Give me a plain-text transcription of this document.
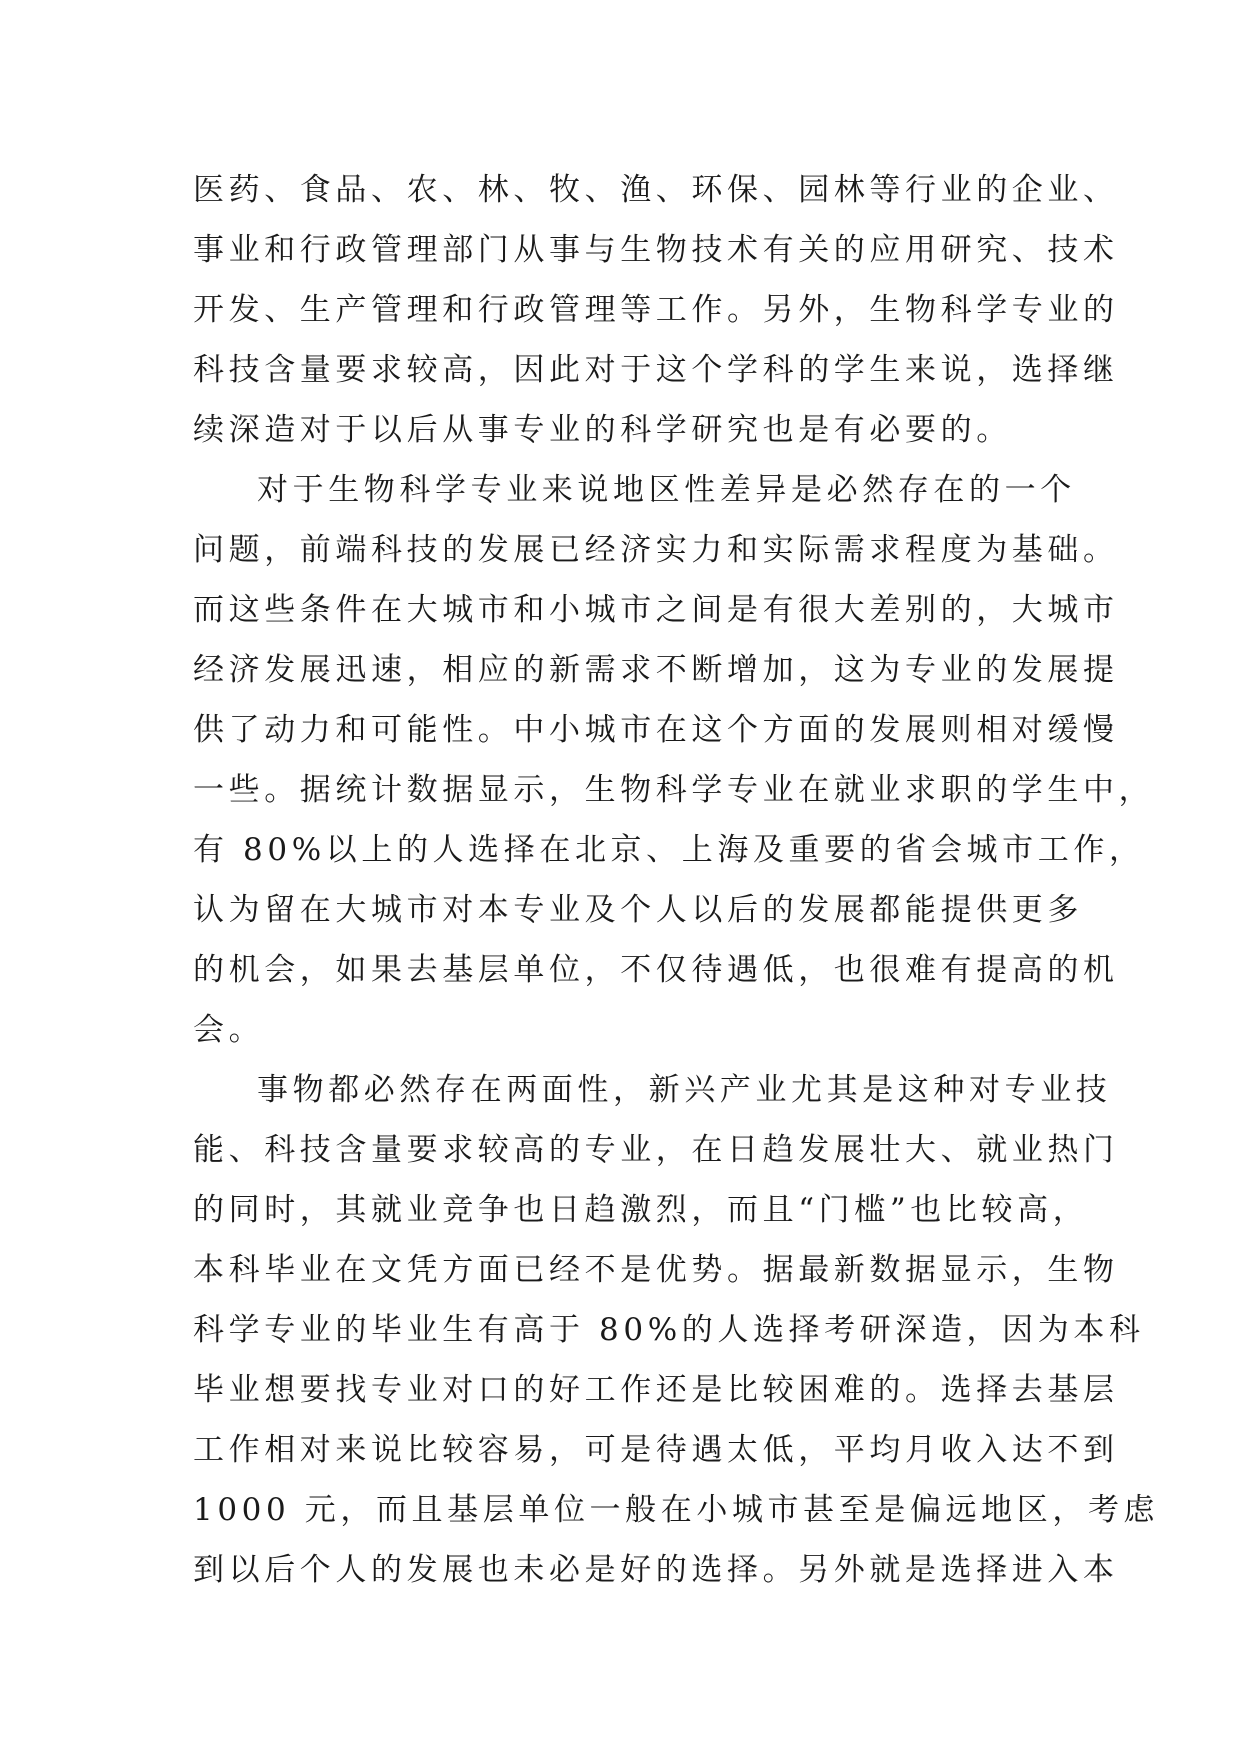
医药、食品、农、林、牧、渔、环保、园林等行业的企业、
事业和行政管理部门从事与生物技术有关的应用研究、技术
开发、生产管理和行政管理等工作。另外，生物科学专业的
科技含量要求较高，因此对于这个学科的学生来说，选择继
续深造对于以后从事专业的科学研究也是有必要的。

对于生物科学专业来说地区性差异是必然存在的一个
问题，前端科技的发展已经济实力和实际需求程度为基础。
而这些条件在大城市和小城市之间是有很大差别的，大城市
经济发展迅速，相应的新需求不断增加，这为专业的发展提
供了动力和可能性。中小城市在这个方面的发展则相对缓慢
一些。据统计数据显示，生物科学专业在就业求职的学生中，
有 80%以上的人选择在北京、上海及重要的省会城市工作，
认为留在大城市对本专业及个人以后的发展都能提供更多
的机会，如果去基层单位，不仅待遇低，也很难有提高的机
会。

事物都必然存在两面性，新兴产业尤其是这种对专业技
能、科技含量要求较高的专业，在日趋发展壮大、就业热门
的同时，其就业竞争也日趋激烈，而且“门槛”也比较高，
本科毕业在文凭方面已经不是优势。据最新数据显示，生物
科学专业的毕业生有高于 80%的人选择考研深造，因为本科
毕业想要找专业对口的好工作还是比较困难的。选择去基层
工作相对来说比较容易，可是待遇太低，平均月收入达不到
1000 元，而且基层单位一般在小城市甚至是偏远地区，考虑
到以后个人的发展也未必是好的选择。另外就是选择进入本
